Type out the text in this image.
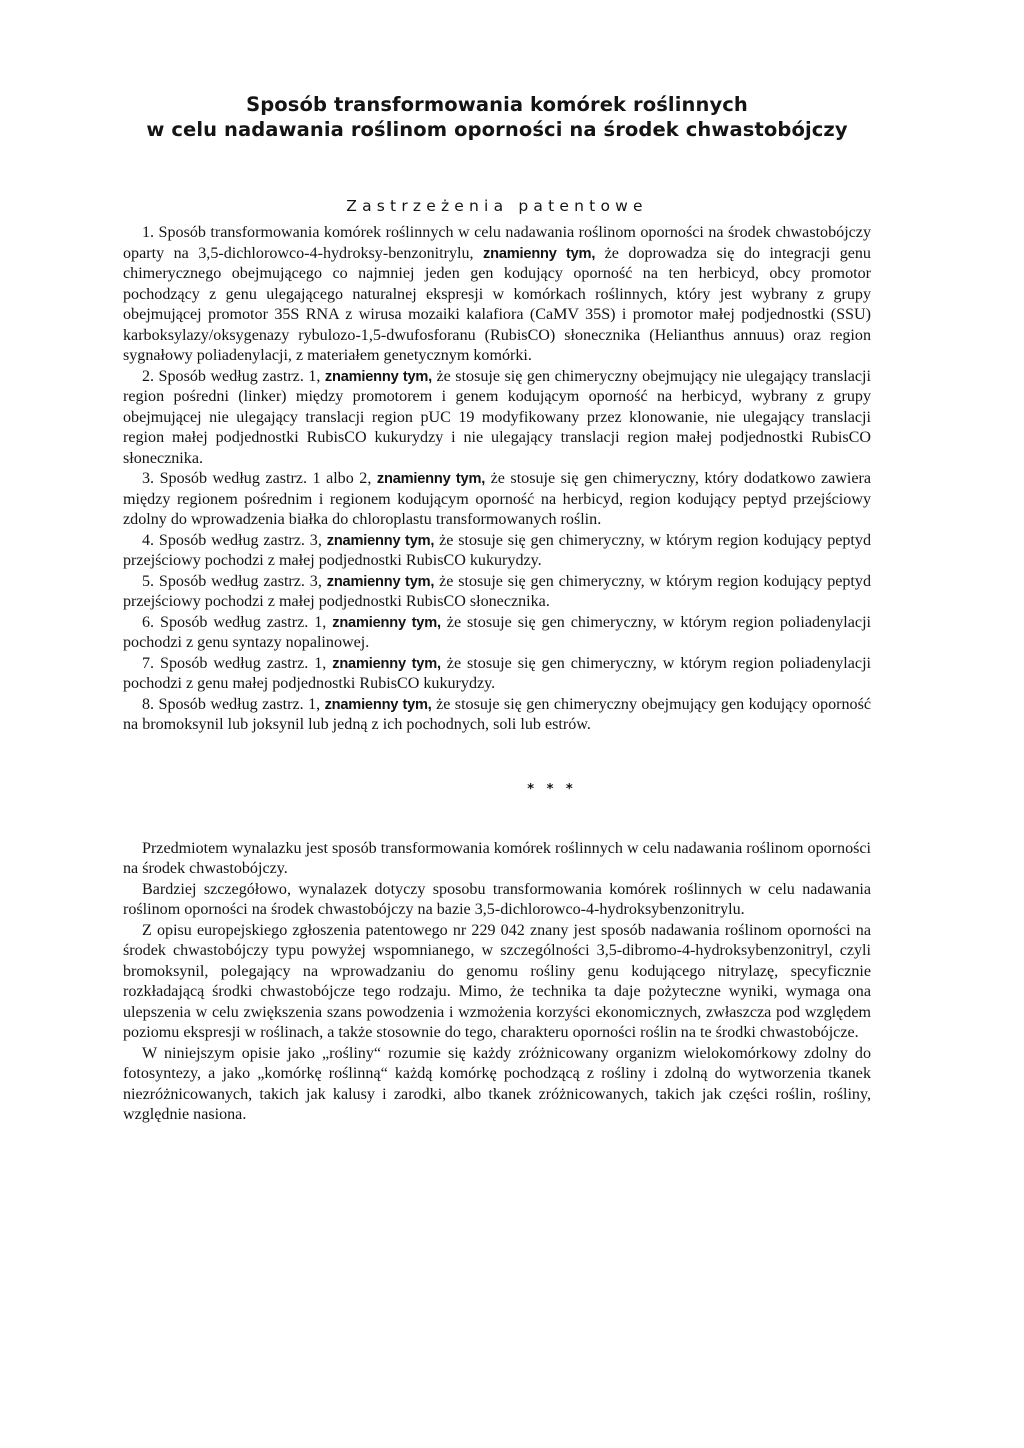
Sposób transformowania komórek roślinnych
w celu nadawania roślinom oporności na środek chwastobójczy
Zastrzeżenia patentowe

1. Sposób transformowania komórek roślinnych w celu nadawania roślinom oporności na środek chwastobójczy oparty na 3,5-dichlorowco-4-hydroksy-benzonitrylu, znamienny tym, że doprowadza się do integracji genu chimerycznego obejmującego co najmniej jeden gen kodujący oporność na ten herbicyd, obcy promotor pochodzący z genu ulegającego naturalnej ekspresji w komórkach roślinnych, który jest wybrany z grupy obejmującej promotor 35S RNA z wirusa mozaiki kalafiora (CaMV 35S) i promotor małej podjednostki (SSU) karboksylazy/oksygenazy rybulozo-1,5-dwufosforanu (RubisCO) słonecznika (Helianthus annuus) oraz region sygnałowy poliadenylacji, z materiałem genetycznym komórki.

2. Sposób według zastrz. 1, znamienny tym, że stosuje się gen chimeryczny obejmujący nie ulegający translacji region pośredni (linker) między promotorem i genem kodującym oporność na herbicyd, wybrany z grupy obejmującej nie ulegający translacji region pUC 19 modyfikowany przez klonowanie, nie ulegający translacji region małej podjednostki RubisCO kukurydzy i nie ulegający translacji region małej podjednostki RubisCO słonecznika.

3. Sposób według zastrz. 1 albo 2, znamienny tym, że stosuje się gen chimeryczny, który dodatkowo zawiera między regionem pośrednim i regionem kodującym oporność na herbicyd, region kodujący peptyd przejściowy zdolny do wprowadzenia białka do chloroplastu transformowanych roślin.

4. Sposób według zastrz. 3, znamienny tym, że stosuje się gen chimeryczny, w którym region kodujący peptyd przejściowy pochodzi z małej podjednostki RubisCO kukurydzy.

5. Sposób według zastrz. 3, znamienny tym, że stosuje się gen chimeryczny, w którym region kodujący peptyd przejściowy pochodzi z małej podjednostki RubisCO słonecznika.

6. Sposób według zastrz. 1, znamienny tym, że stosuje się gen chimeryczny, w którym region poliadenylacji pochodzi z genu syntazy nopalinowej.

7. Sposób według zastrz. 1, znamienny tym, że stosuje się gen chimeryczny, w którym region poliadenylacji pochodzi z genu małej podjednostki RubisCO kukurydzy.

8. Sposób według zastrz. 1, znamienny tym, że stosuje się gen chimeryczny obejmujący gen kodujący oporność na bromoksynil lub joksynil lub jedną z ich pochodnych, soli lub estrów.

* * *

Przedmiotem wynalazku jest sposób transformowania komórek roślinnych w celu nadawania roślinom oporności na środek chwastobójczy.

Bardziej szczegółowo, wynalazek dotyczy sposobu transformowania komórek roślinnych w celu nadawania roślinom oporności na środek chwastobójczy na bazie 3,5-dichlorowco-4-hydroksybenzonitrylu.

Z opisu europejskiego zgłoszenia patentowego nr 229 042 znany jest sposób nadawania roślinom oporności na środek chwastobójczy typu powyżej wspomnianego, w szczególności 3,5-dibromo-4-hydroksybenzonitryl, czyli bromoksynil, polegający na wprowadzaniu do genomu rośliny genu kodującego nitrylazę, specyficznie rozkładającą środki chwastobójcze tego rodzaju. Mimo, że technika ta daje pożyteczne wyniki, wymaga ona ulepszenia w celu zwiększenia szans powodzenia i wzmożenia korzyści ekonomicznych, zwłaszcza pod względem poziomu ekspresji w roślinach, a także stosownie do tego, charakteru oporności roślin na te środki chwastobójcze.

W niniejszym opisie jako „rośliny“ rozumie się każdy zróżnicowany organizm wielokomórkowy zdolny do fotosyntezy, a jako „komórkę roślinną“ każdą komórkę pochodzącą z rośliny i zdolną do wytworzenia tkanek niezróżnicowanych, takich jak kalusy i zarodki, albo tkanek zróżnicowanych, takich jak części roślin, rośliny, względnie nasiona.
